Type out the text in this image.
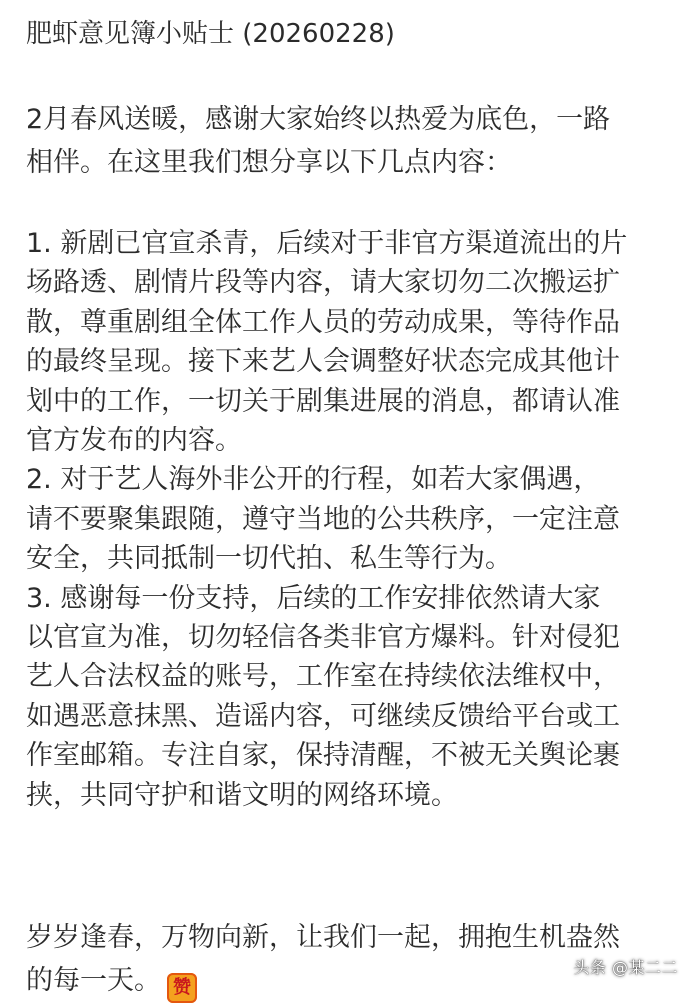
肥虾意见簿小贴士 (20260228)
2月春风送暖，感谢大家始终以热爱为底色，一路
相伴。在这里我们想分享以下几点内容：
1. 新剧已官宣杀青，后续对于非官方渠道流出的片
场路透、剧情片段等内容，请大家切勿二次搬运扩
散，尊重剧组全体工作人员的劳动成果，等待作品
的最终呈现。接下来艺人会调整好状态完成其他计
划中的工作，一切关于剧集进展的消息，都请认准
官方发布的内容。
2. 对于艺人海外非公开的行程，如若大家偶遇，
请不要聚集跟随，遵守当地的公共秩序，一定注意
安全，共同抵制一切代拍、私生等行为。
3. 感谢每一份支持，后续的工作安排依然请大家
以官宣为准，切勿轻信各类非官方爆料。针对侵犯
艺人合法权益的账号，工作室在持续依法维权中，
如遇恶意抹黑、造谣内容，可继续反馈给平台或工
作室邮箱。专注自家，保持清醒，不被无关舆论裹
挟，共同守护和谐文明的网络环境。
岁岁逢春，万物向新，让我们一起，拥抱生机盎然
的每一天。 赞
头条 @某二二
